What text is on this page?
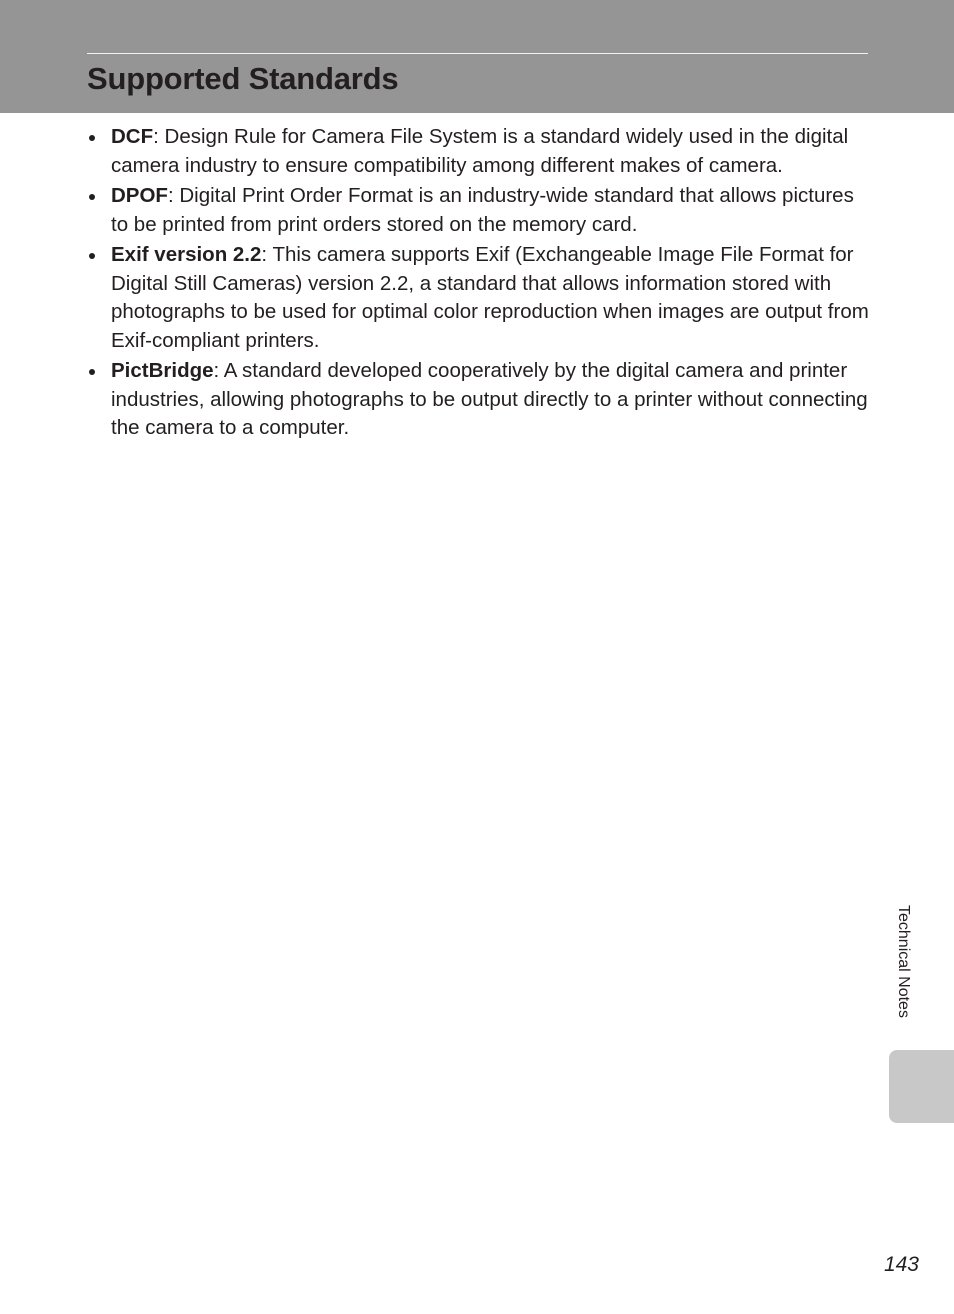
Supported Standards
DCF: Design Rule for Camera File System is a standard widely used in the digital camera industry to ensure compatibility among different makes of camera.
DPOF: Digital Print Order Format is an industry-wide standard that allows pictures to be printed from print orders stored on the memory card.
Exif version 2.2: This camera supports Exif (Exchangeable Image File Format for Digital Still Cameras) version 2.2, a standard that allows information stored with photographs to be used for optimal color reproduction when images are output from Exif-compliant printers.
PictBridge: A standard developed cooperatively by the digital camera and printer industries, allowing photographs to be output directly to a printer without connecting the camera to a computer.
Technical Notes
143
